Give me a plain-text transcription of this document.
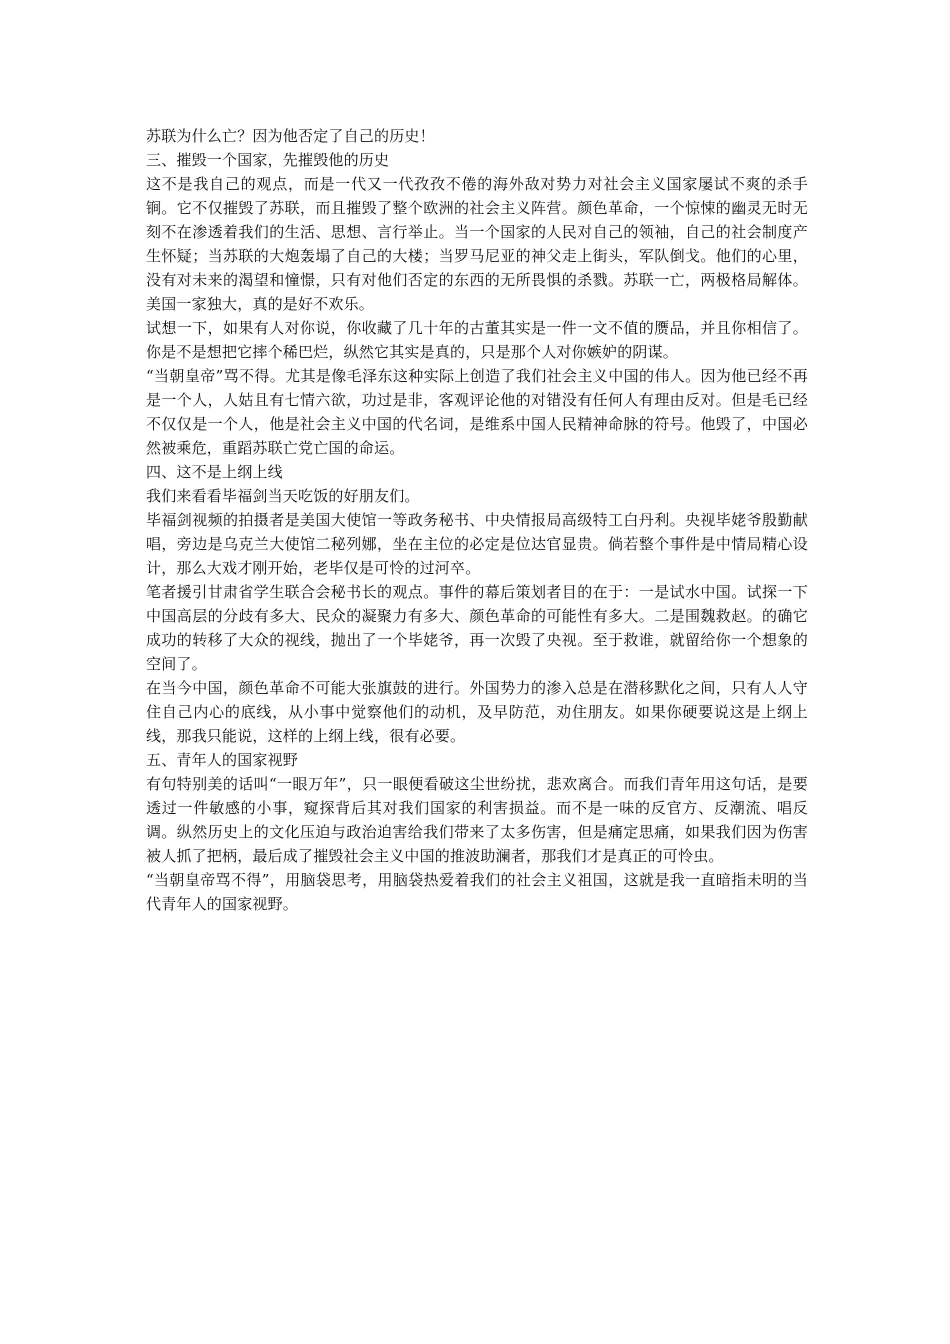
苏联为什么亡？因为他否定了自己的历史！

三、摧毁一个国家，先摧毁他的历史

这不是我自己的观点，而是一代又一代孜孜不倦的海外敌对势力对社会主义国家屡试不爽的杀手锏。它不仅摧毁了苏联，而且摧毁了整个欧洲的社会主义阵营。颜色革命，一个惊悚的幽灵无时无刻不在渗透着我们的生活、思想、言行举止。当一个国家的人民对自己的领袖，自己的社会制度产生怀疑；当苏联的大炮轰塌了自己的大楼；当罗马尼亚的神父走上街头，军队倒戈。他们的心里，没有对未来的渴望和憧憬，只有对他们否定的东西的无所畏惧的杀戮。苏联一亡，两极格局解体。美国一家独大，真的是好不欢乐。

试想一下，如果有人对你说，你收藏了几十年的古董其实是一件一文不值的赝品，并且你相信了。你是不是想把它摔个稀巴烂，纵然它其实是真的，只是那个人对你嫉妒的阴谋。

“当朝皇帝”骂不得。尤其是像毛泽东这种实际上创造了我们社会主义中国的伟人。因为他已经不再是一个人，人姑且有七情六欲，功过是非，客观评论他的对错没有任何人有理由反对。但是毛已经不仅仅是一个人，他是社会主义中国的代名词，是维系中国人民精神命脉的符号。他毁了，中国必然被乘危，重蹈苏联亡党亡国的命运。

四、这不是上纲上线

我们来看看毕福剑当天吃饭的好朋友们。

毕福剑视频的拍摄者是美国大使馆一等政务秘书、中央情报局高级特工白丹利。央视毕姥爷殷勤献唱，旁边是乌克兰大使馆二秘列娜，坐在主位的必定是位达官显贵。倘若整个事件是中情局精心设计，那么大戏才刚开始，老毕仅是可怜的过河卒。

笔者援引甘肃省学生联合会秘书长的观点。事件的幕后策划者目的在于：一是试水中国。试探一下中国高层的分歧有多大、民众的凝聚力有多大、颜色革命的可能性有多大。二是围魏救赵。的确它成功的转移了大众的视线，抛出了一个毕姥爷，再一次毁了央视。至于救谁，就留给你一个想象的空间了。

在当今中国，颜色革命不可能大张旗鼓的进行。外国势力的渗入总是在潜移默化之间，只有人人守住自己内心的底线，从小事中觉察他们的动机，及早防范，劝住朋友。如果你硬要说这是上纲上线，那我只能说，这样的上纲上线，很有必要。

五、青年人的国家视野

有句特别美的话叫“一眼万年”，只一眼便看破这尘世纷扰，悲欢离合。而我们青年用这句话，是要透过一件敏感的小事，窥探背后其对我们国家的利害损益。而不是一味的反官方、反潮流、唱反调。纵然历史上的文化压迫与政治迫害给我们带来了太多伤害，但是痛定思痛，如果我们因为伤害被人抓了把柄，最后成了摧毁社会主义中国的推波助澜者，那我们才是真正的可怜虫。

“当朝皇帝骂不得”，用脑袋思考，用脑袋热爱着我们的社会主义祖国，这就是我一直暗指未明的当代青年人的国家视野。
